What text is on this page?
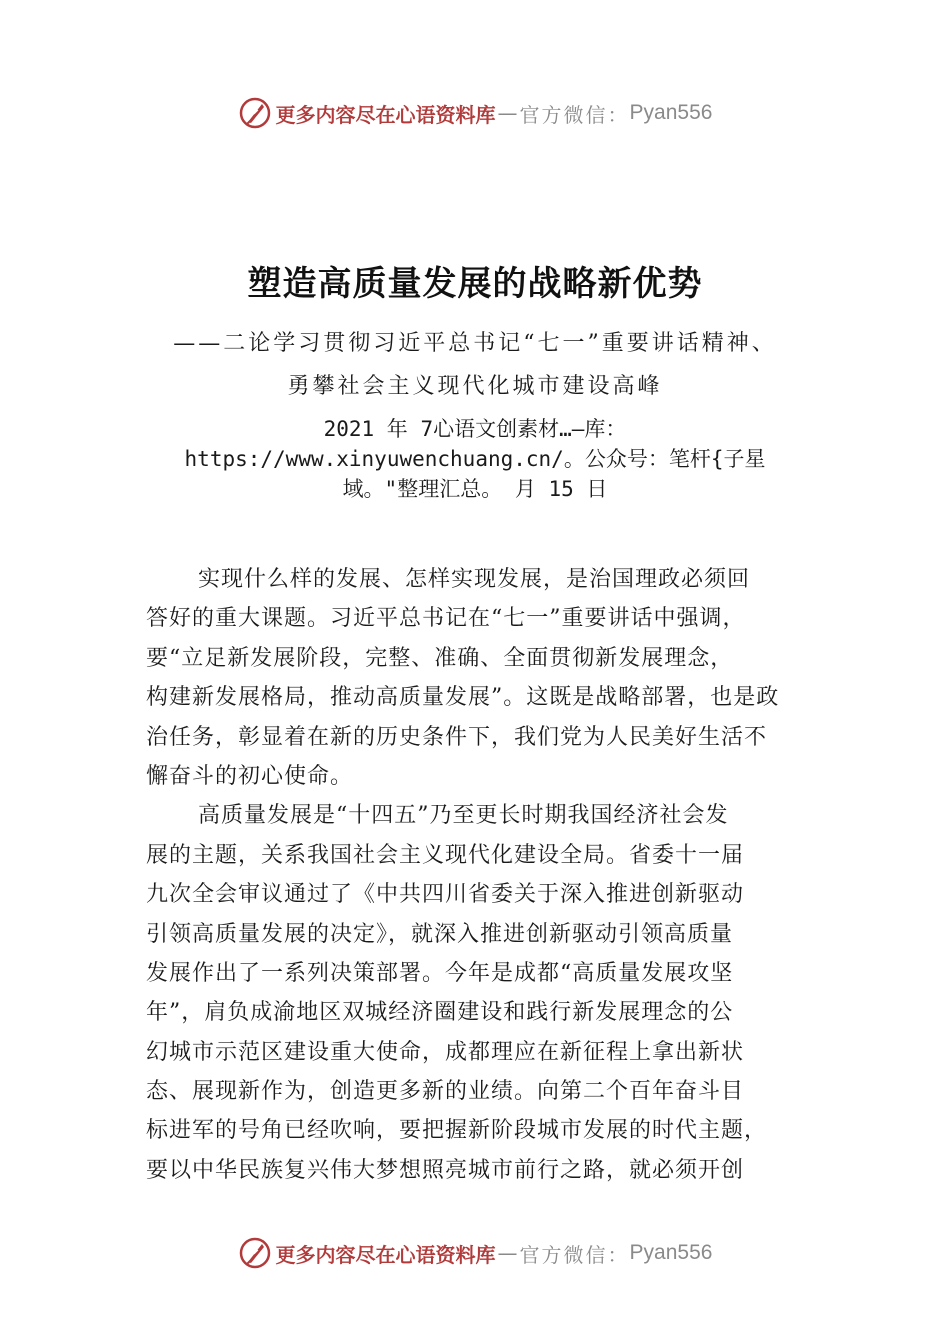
更多内容尽在心语资料库 — 官方微信： Pyan556
塑造高质量发展的战略新优势
——二论学习贯彻习近平总书记“七一”重要讲话精神、
勇攀社会主义现代化城市建设高峰
2021 年 7心语文创素材…—库：
https://www.xinyuwenchuang.cn/。公众号：笔杆{子星
域。"整理汇总。 月 15 日
实现什么样的发展、怎样实现发展，是治国理政必须回
答好的重大课题。习近平总书记在“七一”重要讲话中强调，
要“立足新发展阶段，完整、准确、全面贯彻新发展理念，
构建新发展格局，推动高质量发展”。这既是战略部署，也是政
治任务，彰显着在新的历史条件下，我们党为人民美好生活不
懈奋斗的初心使命。
高质量发展是“十四五”乃至更长时期我国经济社会发
展的主题，关系我国社会主义现代化建设全局。省委十一届
九次全会审议通过了《中共四川省委关于深入推进创新驱动
引领高质量发展的决定》，就深入推进创新驱动引领高质量
发展作出了一系列决策部署。今年是成都“高质量发展攻坚
年”，肩负成渝地区双城经济圈建设和践行新发展理念的公
幻城市示范区建设重大使命，成都理应在新征程上拿出新状
态、展现新作为，创造更多新的业绩。向第二个百年奋斗目
标进军的号角已经吹响，要把握新阶段城市发展的时代主题，
要以中华民族复兴伟大梦想照亮城市前行之路，就必须开创
更多内容尽在心语资料库 — 官方微信： Pyan556
